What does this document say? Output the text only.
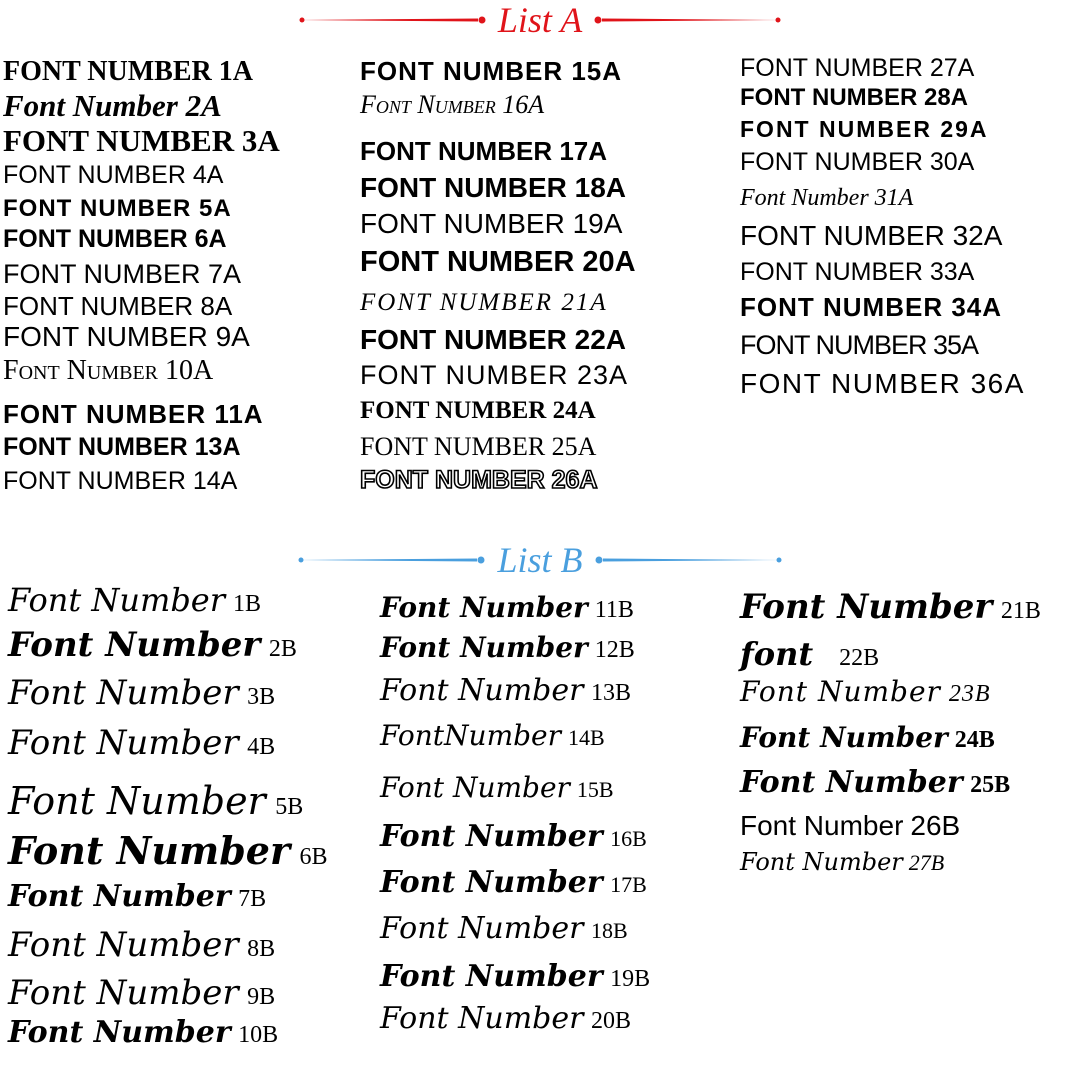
List A
FONT NUMBER 1A
Font Number 2A
FONT NUMBER 3A
FONT NUMBER 4A
FONT NUMBER 5A
FONT NUMBER 6A
FONT NUMBER 7A
FONT NUMBER 8A
FONT NUMBER 9A
Font Number 10A
FONT NUMBER 11A
FONT NUMBER 13A
FONT NUMBER 14A
FONT NUMBER 15A
Font Number 16A
FONT NUMBER 17A
FONT NUMBER 18A
FONT NUMBER 19A
FONT NUMBER 20A
FONT NUMBER 21A
FONT NUMBER 22A
FONT NUMBER 23A
FONT NUMBER 24A
FONT NUMBER 25A
FONT NUMBER 26A
FONT NUMBER 27A
FONT NUMBER 28A
FONT NUMBER 29A
FONT NUMBER 30A
Font Number 31A
FONT NUMBER 32A
FONT NUMBER 33A
FONT NUMBER 34A
FONT NUMBER 35A
FONT NUMBER 36A
List B
Font Number 1B
Font Number 2B
Font Number 3B
Font Number 4B
Font Number 5B
Font Number 6B
Font Number 7B
Font Number 8B
Font Number 9B
Font Number 10B
Font Number 11B
Font Number 12B
Font Number 13B
FontNumber 14B
Font Number 15B
Font Number 16B
Font Number 17B
Font Number 18B
Font Number 19B
Font Number 20B
Font Number 21B
font 22B
Font Number 23B
Font Number 24B
Font Number 25B
Font Number 26B
Font Number 27B
